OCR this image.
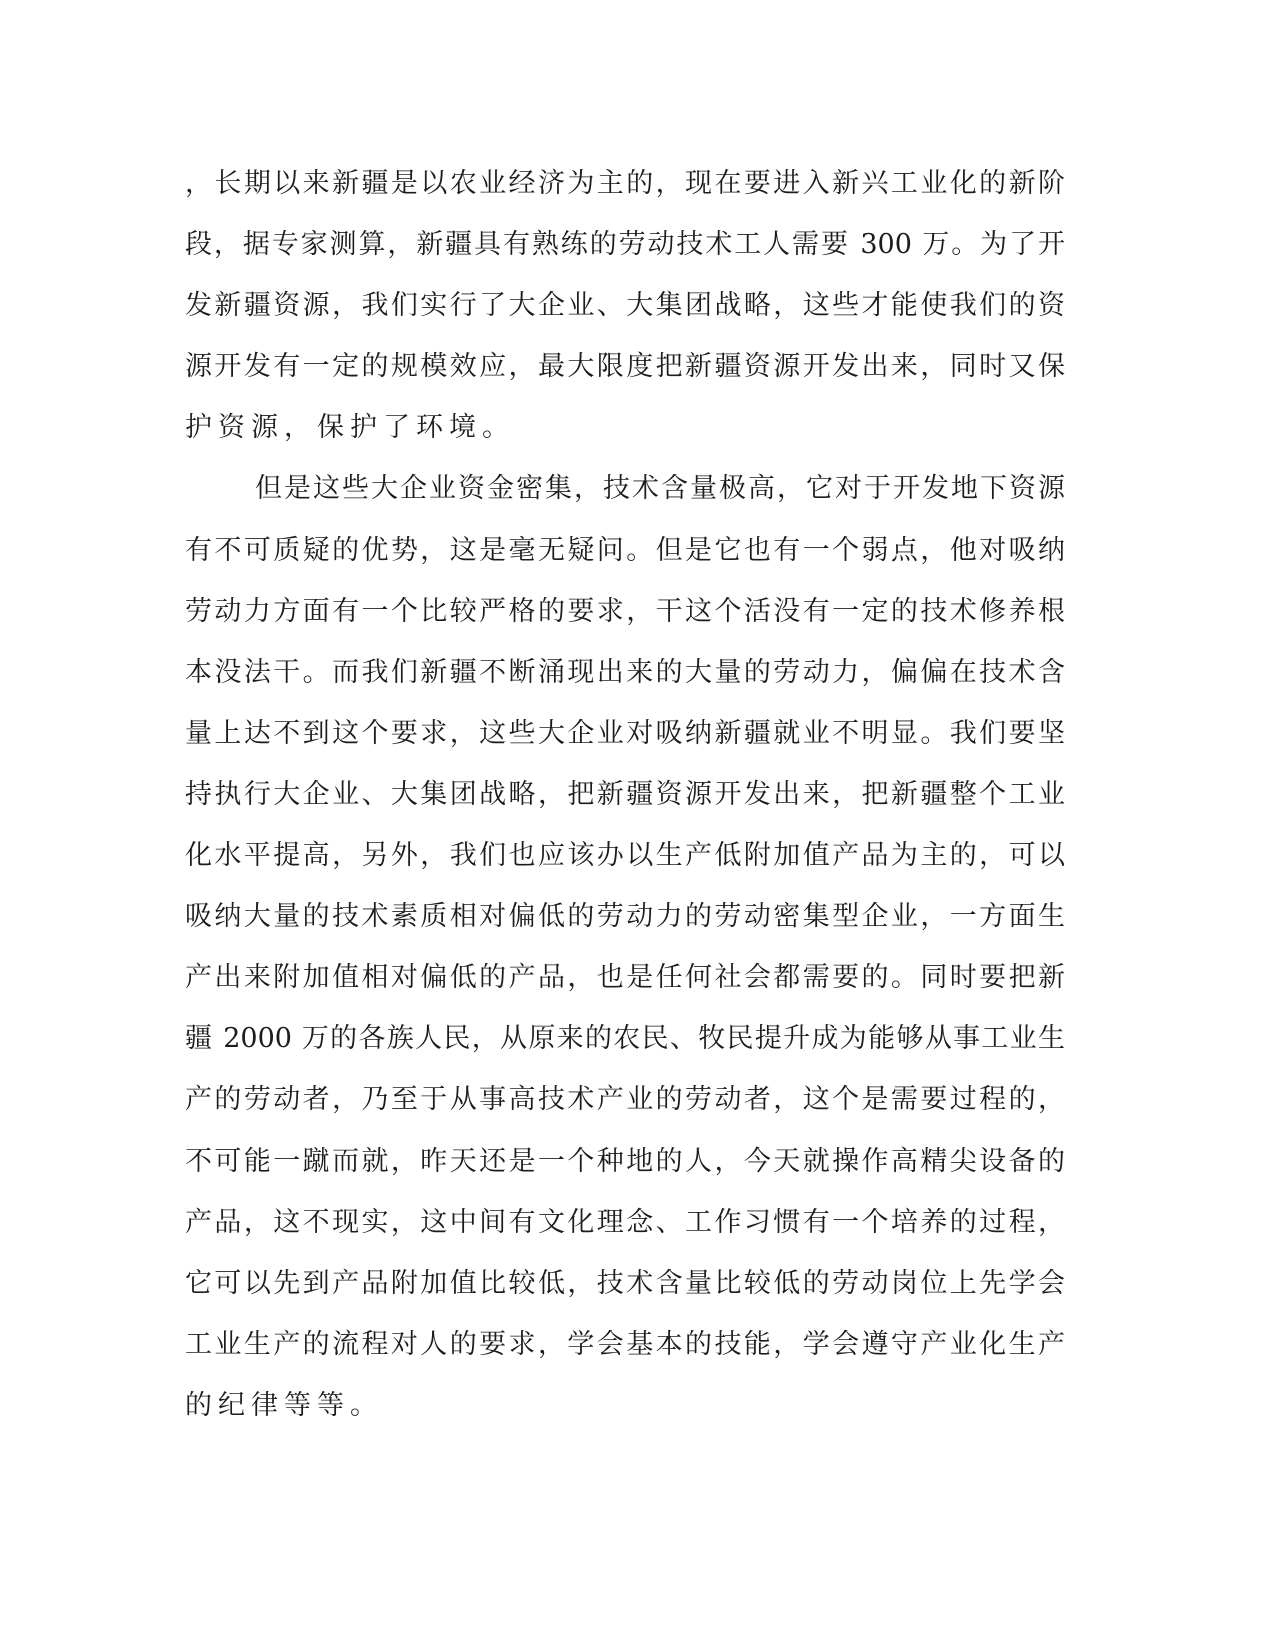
，长期以来新疆是以农业经济为主的，现在要进入新兴工业化的新阶
段，据专家测算，新疆具有熟练的劳动技术工人需要 300 万。为了开
发新疆资源，我们实行了大企业、大集团战略，这些才能使我们的资
源开发有一定的规模效应，最大限度把新疆资源开发出来，同时又保
护资源，保护了环境。
但是这些大企业资金密集，技术含量极高，它对于开发地下资源
有不可质疑的优势，这是毫无疑问。但是它也有一个弱点，他对吸纳
劳动力方面有一个比较严格的要求，干这个活没有一定的技术修养根
本没法干。而我们新疆不断涌现出来的大量的劳动力，偏偏在技术含
量上达不到这个要求，这些大企业对吸纳新疆就业不明显。我们要坚
持执行大企业、大集团战略，把新疆资源开发出来，把新疆整个工业
化水平提高，另外，我们也应该办以生产低附加值产品为主的，可以
吸纳大量的技术素质相对偏低的劳动力的劳动密集型企业，一方面生
产出来附加值相对偏低的产品，也是任何社会都需要的。同时要把新
疆 2000 万的各族人民，从原来的农民、牧民提升成为能够从事工业生
产的劳动者，乃至于从事高技术产业的劳动者，这个是需要过程的，
不可能一蹴而就，昨天还是一个种地的人，今天就操作高精尖设备的
产品，这不现实，这中间有文化理念、工作习惯有一个培养的过程，
它可以先到产品附加值比较低，技术含量比较低的劳动岗位上先学会
工业生产的流程对人的要求，学会基本的技能，学会遵守产业化生产
的纪律等等。
